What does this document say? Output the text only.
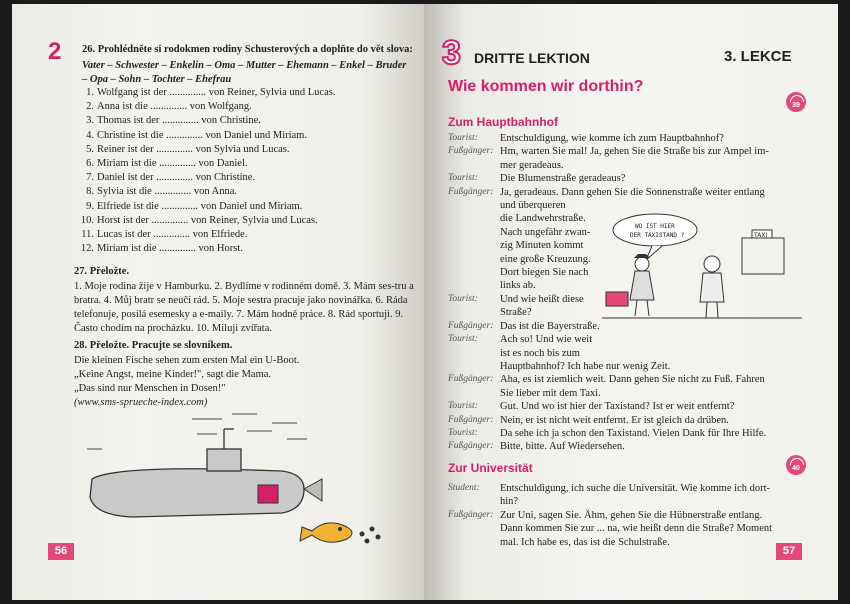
2 26. Prohlédněte si rodokmen rodiny Schusterových a doplňte do vět slova:
Vater – Schwester – Enkelin – Oma – Mutter – Ehemann – Enkel – Bruder – Opa – Sohn – Tochter – Ehefrau
1. Wolfgang ist der .............. von Reiner, Sylvia und Lucas.
2. Anna ist die .............. von Wolfgang.
3. Thomas ist der .............. von Christine.
4. Christine ist die .............. von Daniel und Miriam.
5. Reiner ist der .............. von Sylvia und Lucas.
6. Miriam ist die .............. von Daniel.
7. Daniel ist der .............. von Christine.
8. Sylvia ist die .............. von Anna.
9. Elfriede ist die .............. von Daniel und Miriam.
10. Horst ist der .............. von Reiner, Sylvia und Lucas.
11. Lucas ist der .............. von Elfriede.
12. Miriam ist die .............. von Horst.
27. Přeložte.
1. Moje rodina žije v Hamburku. 2. Bydlíme v rodinném domě. 3. Mám ses-tru a bratra. 4. Můj bratr se neučí rád. 5. Moje sestra pracuje jako novinářka. 6. Ráda telefonuje, posílá esemesky a e-maily. 7. Mám hodně práce. 8. Rád sportuji. 9. Často chodím na procházku. 10. Miluji zvířata.
28. Přeložte. Pracujte se slovníkem.
Die kleinen Fische sehen zum ersten Mal ein U-Boot.
„Keine Angst, meine Kinder!", sagt die Mama.
„Das sind nur Menschen in Dosen!"
(www.sms-sprueche-index.com)
56
3 DRITTE LEKTION	3. LEKCE
Wie kommen wir dorthin?
39
Zum Hauptbahnhof
Tourist:	Entschuldigung, wie komme ich zum Hauptbahnhof?
Fußgänger: Hm, warten Sie mal! Ja, gehen Sie die Straße bis zur Ampel im-
mer geradeaus.
Tourist:	Die Blumenstraße geradeaus?
Fußgänger: Ja, geradeaus. Dann gehen Sie die Sonnenstraße weiter entlang
und überqueren
die Landwehrstraße.
Nach ungefähr zwan-
zig Minuten kommt
eine große Kreuzung.
Dort biegen Sie nach
links ab.
Tourist:	Und wie heißt diese
Straße?
Fußgänger: Das ist die Bayerstraße.
Tourist:	Ach so! Und wie weit
ist es noch bis zum
Hauptbahnhof? Ich habe nur wenig Zeit.
Fußgänger: Aha, es ist ziemlich weit. Dann gehen Sie nicht zu Fuß. Fahren
Sie lieber mit dem Taxi.
Tourist:	Gut. Und wo ist hier der Taxistand? Ist er weit entfernt?
Fußgänger: Nein, er ist nicht weit entfernt. Er ist gleich da drüben.
Tourist:	Da sehe ich ja schon den Taxistand. Vielen Dank für Ihre Hilfe.
Fußgänger: Bitte, bitte. Auf Wiedersehen.
WO IST HIER
DER TAXISTAND ?	TAXI
40
Zur Universität
Student:	Entschuldigung, ich suche die Universität. Wie komme ich dort-
hin?
Fußgänger: Zur Uni, sagen Sie. Ähm, gehen Sie die Hübnerstraße entlang.
Dann kommen Sie zur ... na, wie heißt denn die Straße? Moment
mal. Ich habe es, das ist die Schulstraße.
57
